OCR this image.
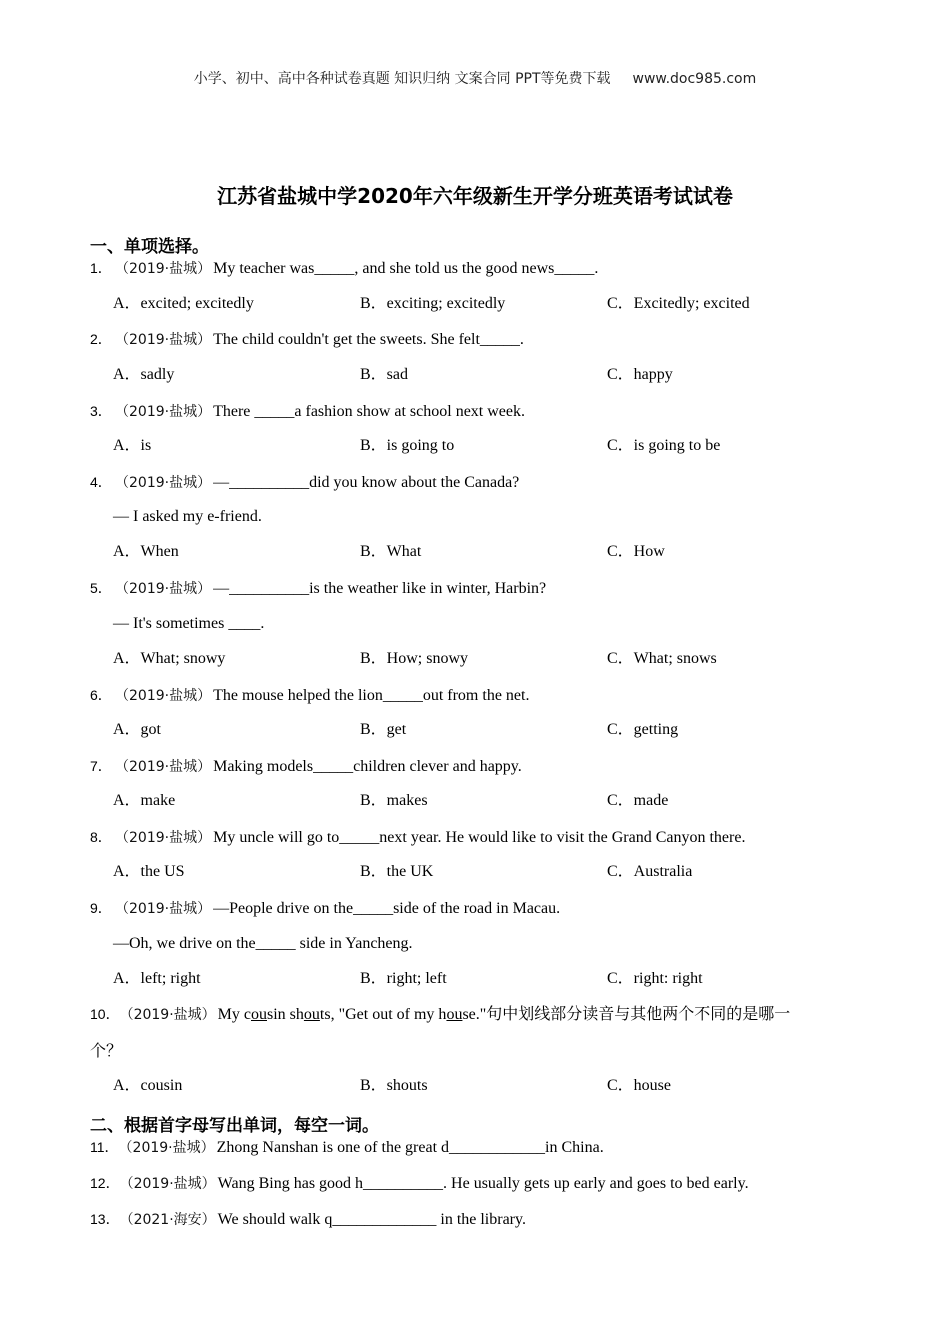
小学、初中、高中各种试卷真题 知识归纳 文案合同 PPT等免费下载 www.doc985.com
江苏省盐城中学2020年六年级新生开学分班英语考试试卷
一、单项选择。
1． （2019·盐城） My teacher was_____, and she told us the good news_____.
A．excited; excitedly	B．exciting; excitedly	C．Excitedly; excited
2． （2019·盐城） The child couldn't get the sweets. She felt_____.
A．sadly	B．sad	C．happy
3． （2019·盐城） There _____a fashion show at school next week.
A．is	B．is going to	C．is going to be
4． （2019·盐城） —__________did you know about the Canada?
— I asked my e-friend.
A．When	B．What	C．How
5． （2019·盐城） —__________is the weather like in winter, Harbin?
— It's sometimes ____.
A．What; snowy	B．How; snowy	C．What; snows
6． （2019·盐城） The mouse helped the lion_____out from the net.
A．got	B．get	C．getting
7． （2019·盐城） Making models_____children clever and happy.
A．make	B．makes	C．made
8． （2019·盐城） My uncle will go to_____next year. He would like to visit the Grand Canyon there.
A．the US	B．the UK	C．Australia
9． （2019·盐城） —People drive on the_____side of the road in Macau.
—Oh, we drive on the_____ side in Yancheng.
A．left; right	B．right; left	C．right: right
10．（2019·盐城） My cousin shouts, "Get out of my house."句中划线部分读音与其他两个不同的是哪一
个？
A．cousin	B．shouts	C．house
二、根据首字母写出单词，每空一词。
11．（2019·盐城） Zhong Nanshan is one of the great d____________in China.
12．（2019·盐城） Wang Bing has good h__________. He usually gets up early and goes to bed early.
13．（2021·海安） We should walk q_____________ in the library.
